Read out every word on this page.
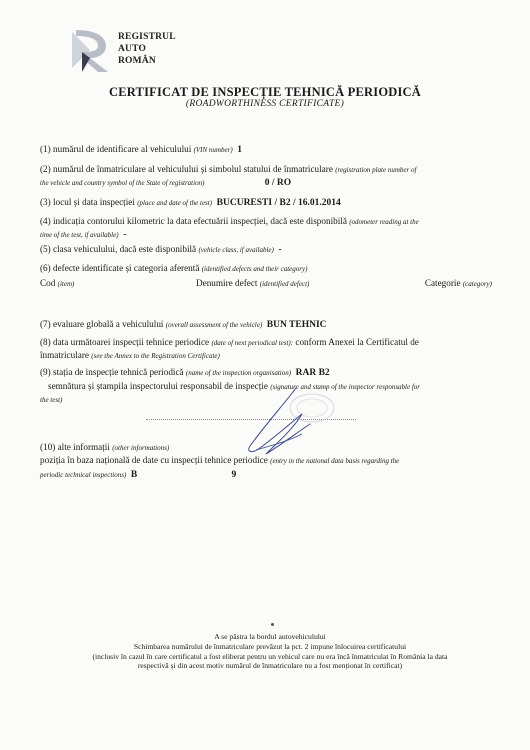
REGISTRUL
AUTO
ROMÂN
CERTIFICAT DE INSPECȚIE TEHNICĂ PERIODICĂ
(ROADWORTHINESS CERTIFICATE)
(1) numărul de identificare al vehiculului (VIN number) 1
(2) numărul de înmatriculare al vehiculului și simbolul statului de înmatriculare (registration plate number of
the vehicle and country symbol of the State of registration)	0 / RO
(3) locul și data inspecției (place and date of the test) BUCURESTI / B2 / 16.01.2014
(4) indicația contorului kilometric la data efectuării inspecției, dacă este disponibilă (odometer reading at the
time of the test, if available) -
(5) clasa vehiculului, dacă este disponibilă (vehicle class, if available) -
(6) defecte identificate și categoria aferentă (identified defects and their category)
Cod (item)	Denumire defect (identified defect)	Categorie (category)
(7) evaluare globală a vehiculului (overall assessment of the vehicle) BUN TEHNIC
(8) data următoarei inspecții tehnice periodice (date of next periodical test): conform Anexei la Certificatul de
înmatriculare (see the Annex to the Registration Certificate)
(9) stația de inspecție tehnică periodică (name of the inspection organisation) RAR B2
semnătura și ștampila inspectorului responsabil de inspecție (signature and stamp of the inspector responsable for
the test)
(10) alte informații (other informations)
poziția în baza națională de date cu inspecții tehnice periodice (entry in the national data basis regarding the
periodic technical inspections) B	9
A se păstra la bordul autovehiculului
Schimbarea numărului de înmatriculare prevăzut la pct. 2 impune înlocuirea certificatului
(inclusiv în cazul în care certificatul a fost eliberat pentru un vehicul care nu era încă înmatriculat în România la data
respectivă și din acest motiv numărul de înmatriculare nu a fost menționat în certificat)
